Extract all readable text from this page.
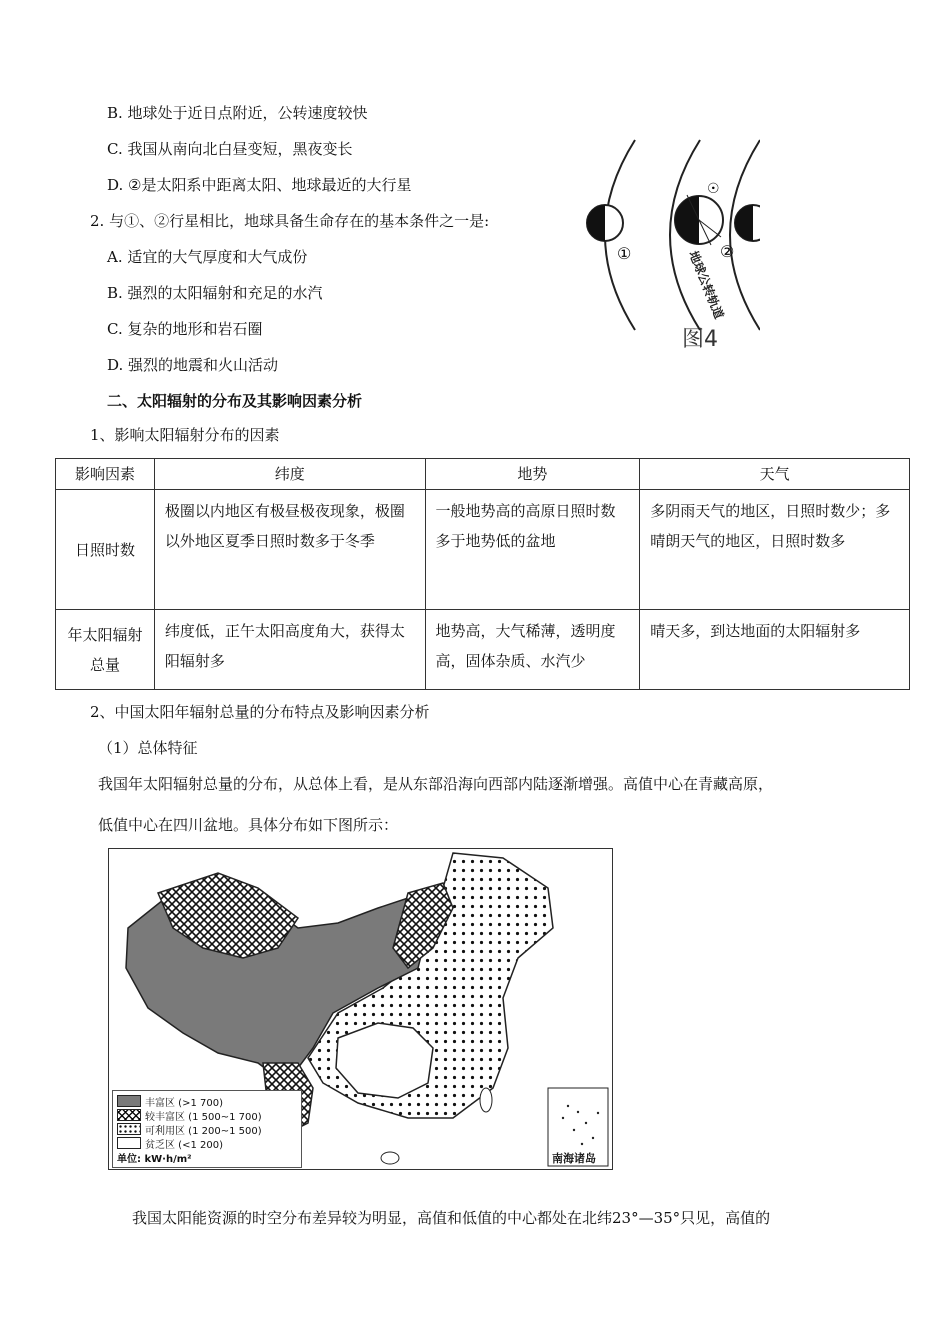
B. 地球处于近日点附近，公转速度较快
C. 我国从南向北白昼变短，黑夜变长
D. ②是太阳系中距离太阳、地球最近的大行星
2. 与①、②行星相比，地球具备生命存在的基本条件之一是:
A. 适宜的大气厚度和大气成份
B. 强烈的太阳辐射和充足的水汽
C. 复杂的地形和岩石圈
D. 强烈的地震和火山活动
①	②
☉
地球公转轨道
图4
二、太阳辐射的分布及其影响因素分析
1、影响太阳辐射分布的因素
影响因素	纬度	地势	天气
日照时数	极圈以内地区有极昼极夜现象，极圈以外地区夏季日照时数多于冬季	一般地势高的高原日照时数多于地势低的盆地	多阴雨天气的地区，日照时数少；多晴朗天气的地区，日照时数多
年太阳辐射总量	纬度低，正午太阳高度角大，获得太阳辐射多	地势高，大气稀薄，透明度高，固体杂质、水汽少	晴天多，到达地面的太阳辐射多
2、中国太阳年辐射总量的分布特点及影响因素分析
（1）总体特征
我国年太阳辐射总量的分布，从总体上看，是从东部沿海向西部内陆逐渐增强。高值中心在青藏高原，
低值中心在四川盆地。具体分布如下图所示：
丰富区 (>1 700)
较丰富区 (1 500~1 700)
可利用区 (1 200~1 500)
贫乏区 (<1 200)
单位: kW·h/m²	南海诸岛
我国太阳能资源的时空分布差异较为明显，高值和低值的中心都处在北纬23°—35°只见，高值的
